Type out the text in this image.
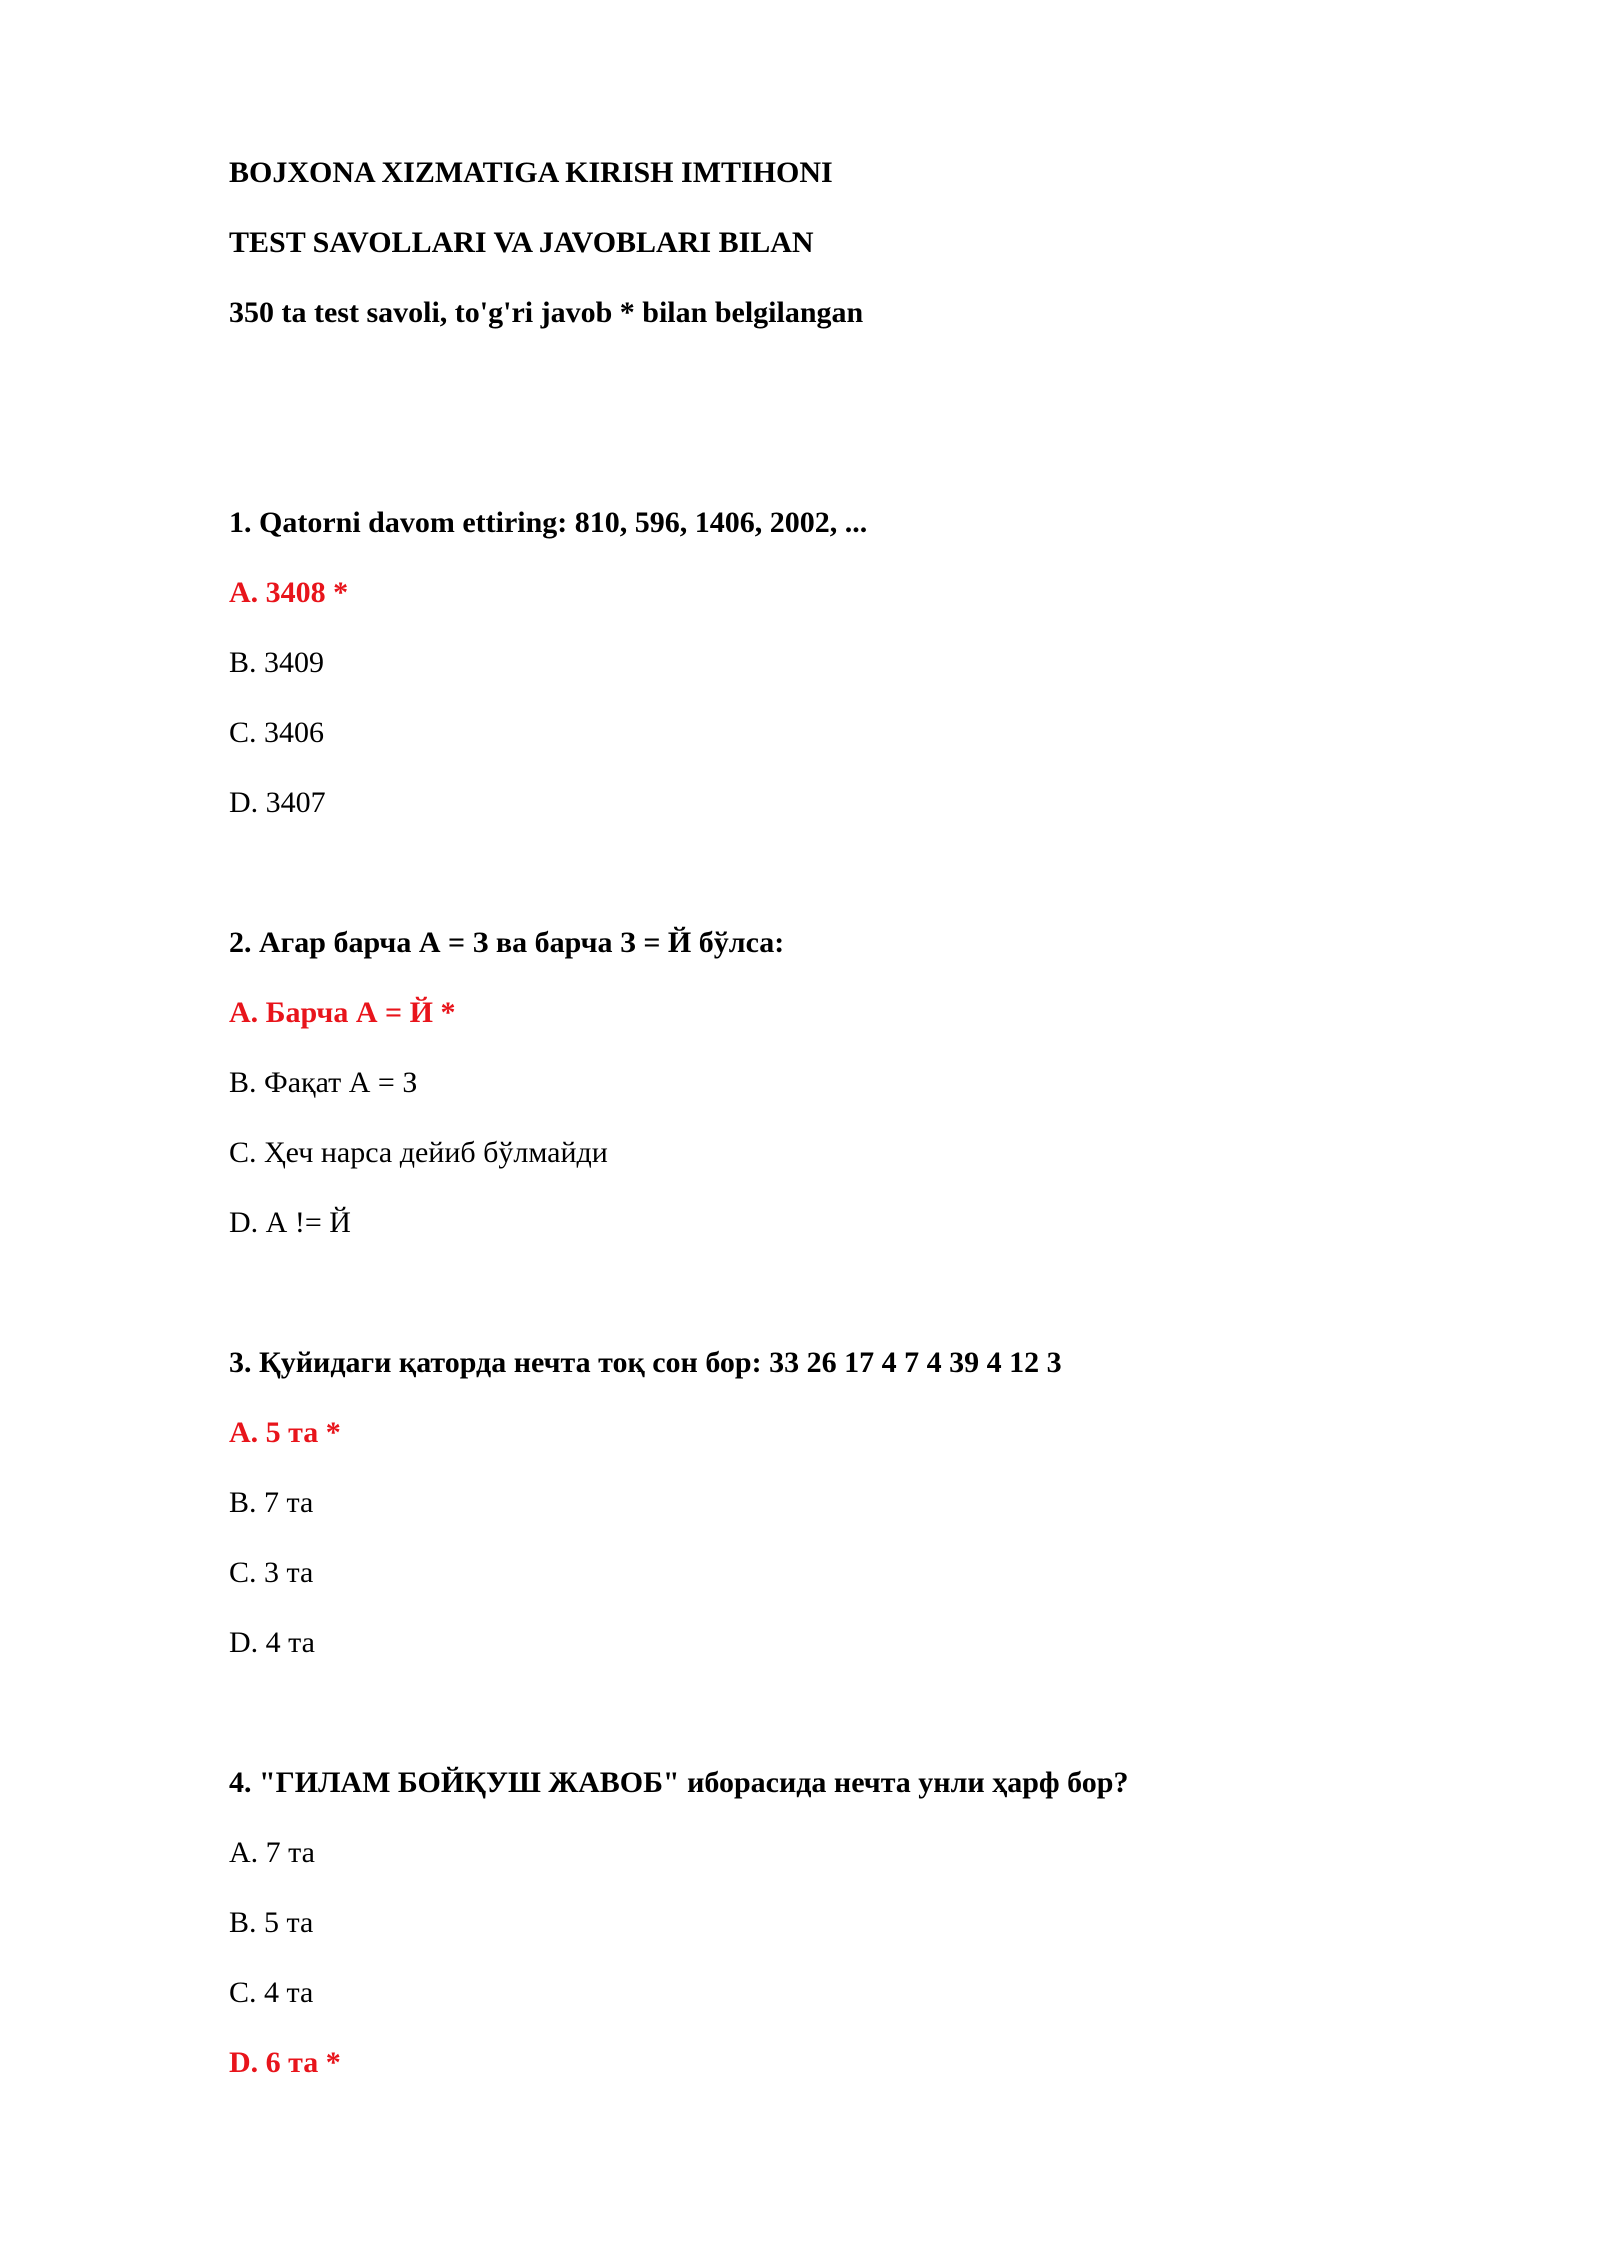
BOJXONA XIZMATIGA KIRISH IMTIHONI

TEST SAVOLLARI VA JAVOBLARI BILAN

350 ta test savoli, to'g'ri javob * bilan belgilangan

1. Qatorni davom ettiring: 810, 596, 1406, 2002, ...

A. 3408 *

B. 3409

C. 3406

D. 3407

2. Агар барча А = З ва барча З = Й бўлса:

A. Барча А = Й *

B. Фақат А = З

C. Ҳеч нарса дейиб бўлмайди

D. А != Й

3. Қуйидаги қаторда нечта тоқ сон бор: 33 26 17 4 7 4 39 4 12 3

A. 5 та *

B. 7 та

C. 3 та

D. 4 та

4. "ГИЛАМ БОЙҚУШ ЖАВОБ" иборасида нечта унли ҳарф бор?

A. 7 та

B. 5 та

C. 4 та

D. 6 та *
